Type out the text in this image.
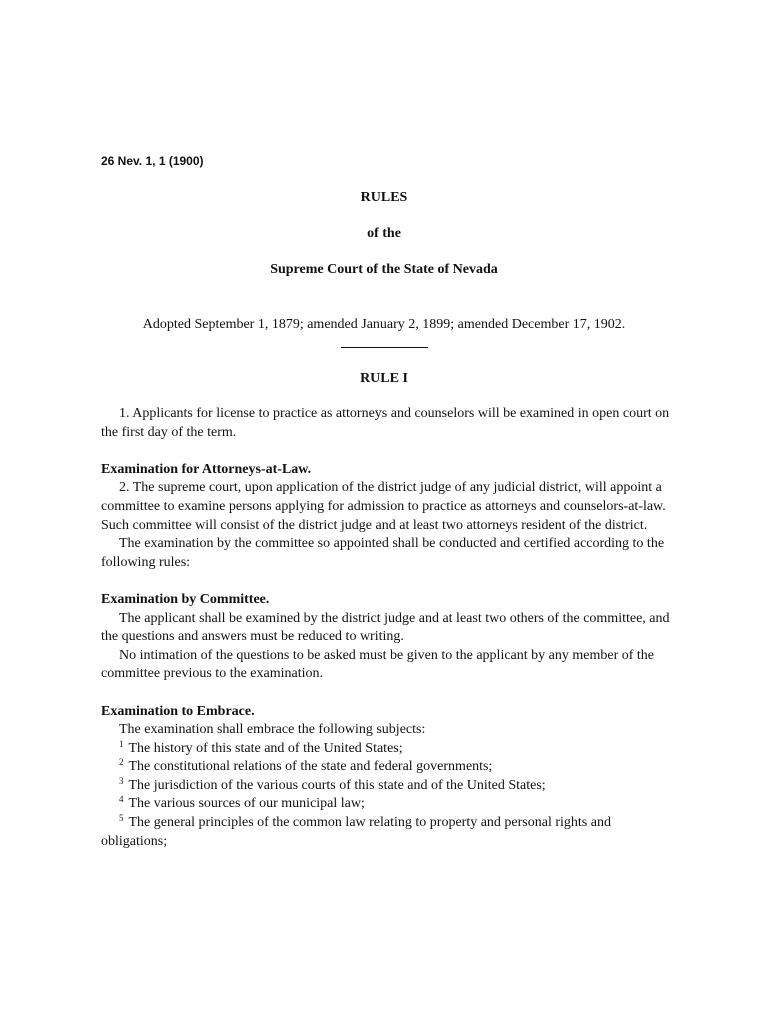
26 Nev. 1, 1 (1900)
RULES
of the
Supreme Court of the State of Nevada
Adopted September 1, 1879; amended January 2, 1899; amended December 17, 1902.
RULE I

1. Applicants for license to practice as attorneys and counselors will be examined in open court on the first day of the term.

Examination for Attorneys-at-Law.

2. The supreme court, upon application of the district judge of any judicial district, will appoint a committee to examine persons applying for admission to practice as attorneys and counselors-at-law. Such committee will consist of the district judge and at least two attorneys resident of the district.

The examination by the committee so appointed shall be conducted and certified according to the following rules:

Examination by Committee.

The applicant shall be examined by the district judge and at least two others of the committee, and the questions and answers must be reduced to writing.

No intimation of the questions to be asked must be given to the applicant by any member of the committee previous to the examination.

Examination to Embrace.

The examination shall embrace the following subjects:

$^1$ The history of this state and of the United States;

$^2$ The constitutional relations of the state and federal governments;

$^3$ The jurisdiction of the various courts of this state and of the United States;

$^4$ The various sources of our municipal law;

$^5$ The general principles of the common law relating to property and personal rights and obligations;
